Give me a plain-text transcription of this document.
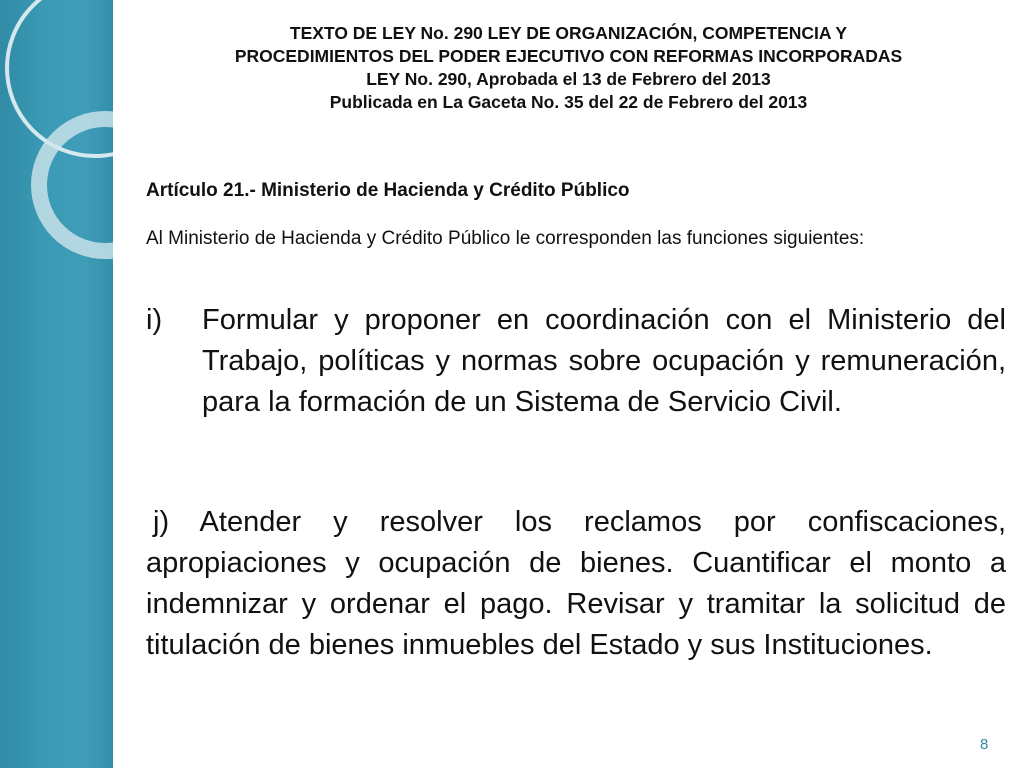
TEXTO DE LEY No. 290 LEY DE ORGANIZACIÓN, COMPETENCIA Y
PROCEDIMIENTOS DEL PODER EJECUTIVO CON REFORMAS INCORPORADAS
LEY No. 290, Aprobada el 13 de Febrero del 2013
Publicada en La Gaceta No. 35 del 22 de Febrero del 2013
Artículo 21.- Ministerio de Hacienda y Crédito Público
Al Ministerio de Hacienda y Crédito Público le corresponden las funciones siguientes:
i) Formular y proponer en coordinación con el Ministerio del Trabajo, políticas y normas sobre ocupación y remuneración, para la formación de un Sistema de Servicio Civil.
j) Atender y resolver los reclamos por confiscaciones, apropiaciones y ocupación de bienes. Cuantificar el monto a indemnizar y ordenar el pago. Revisar y tramitar la solicitud de titulación de bienes inmuebles del Estado y sus Instituciones.
8
